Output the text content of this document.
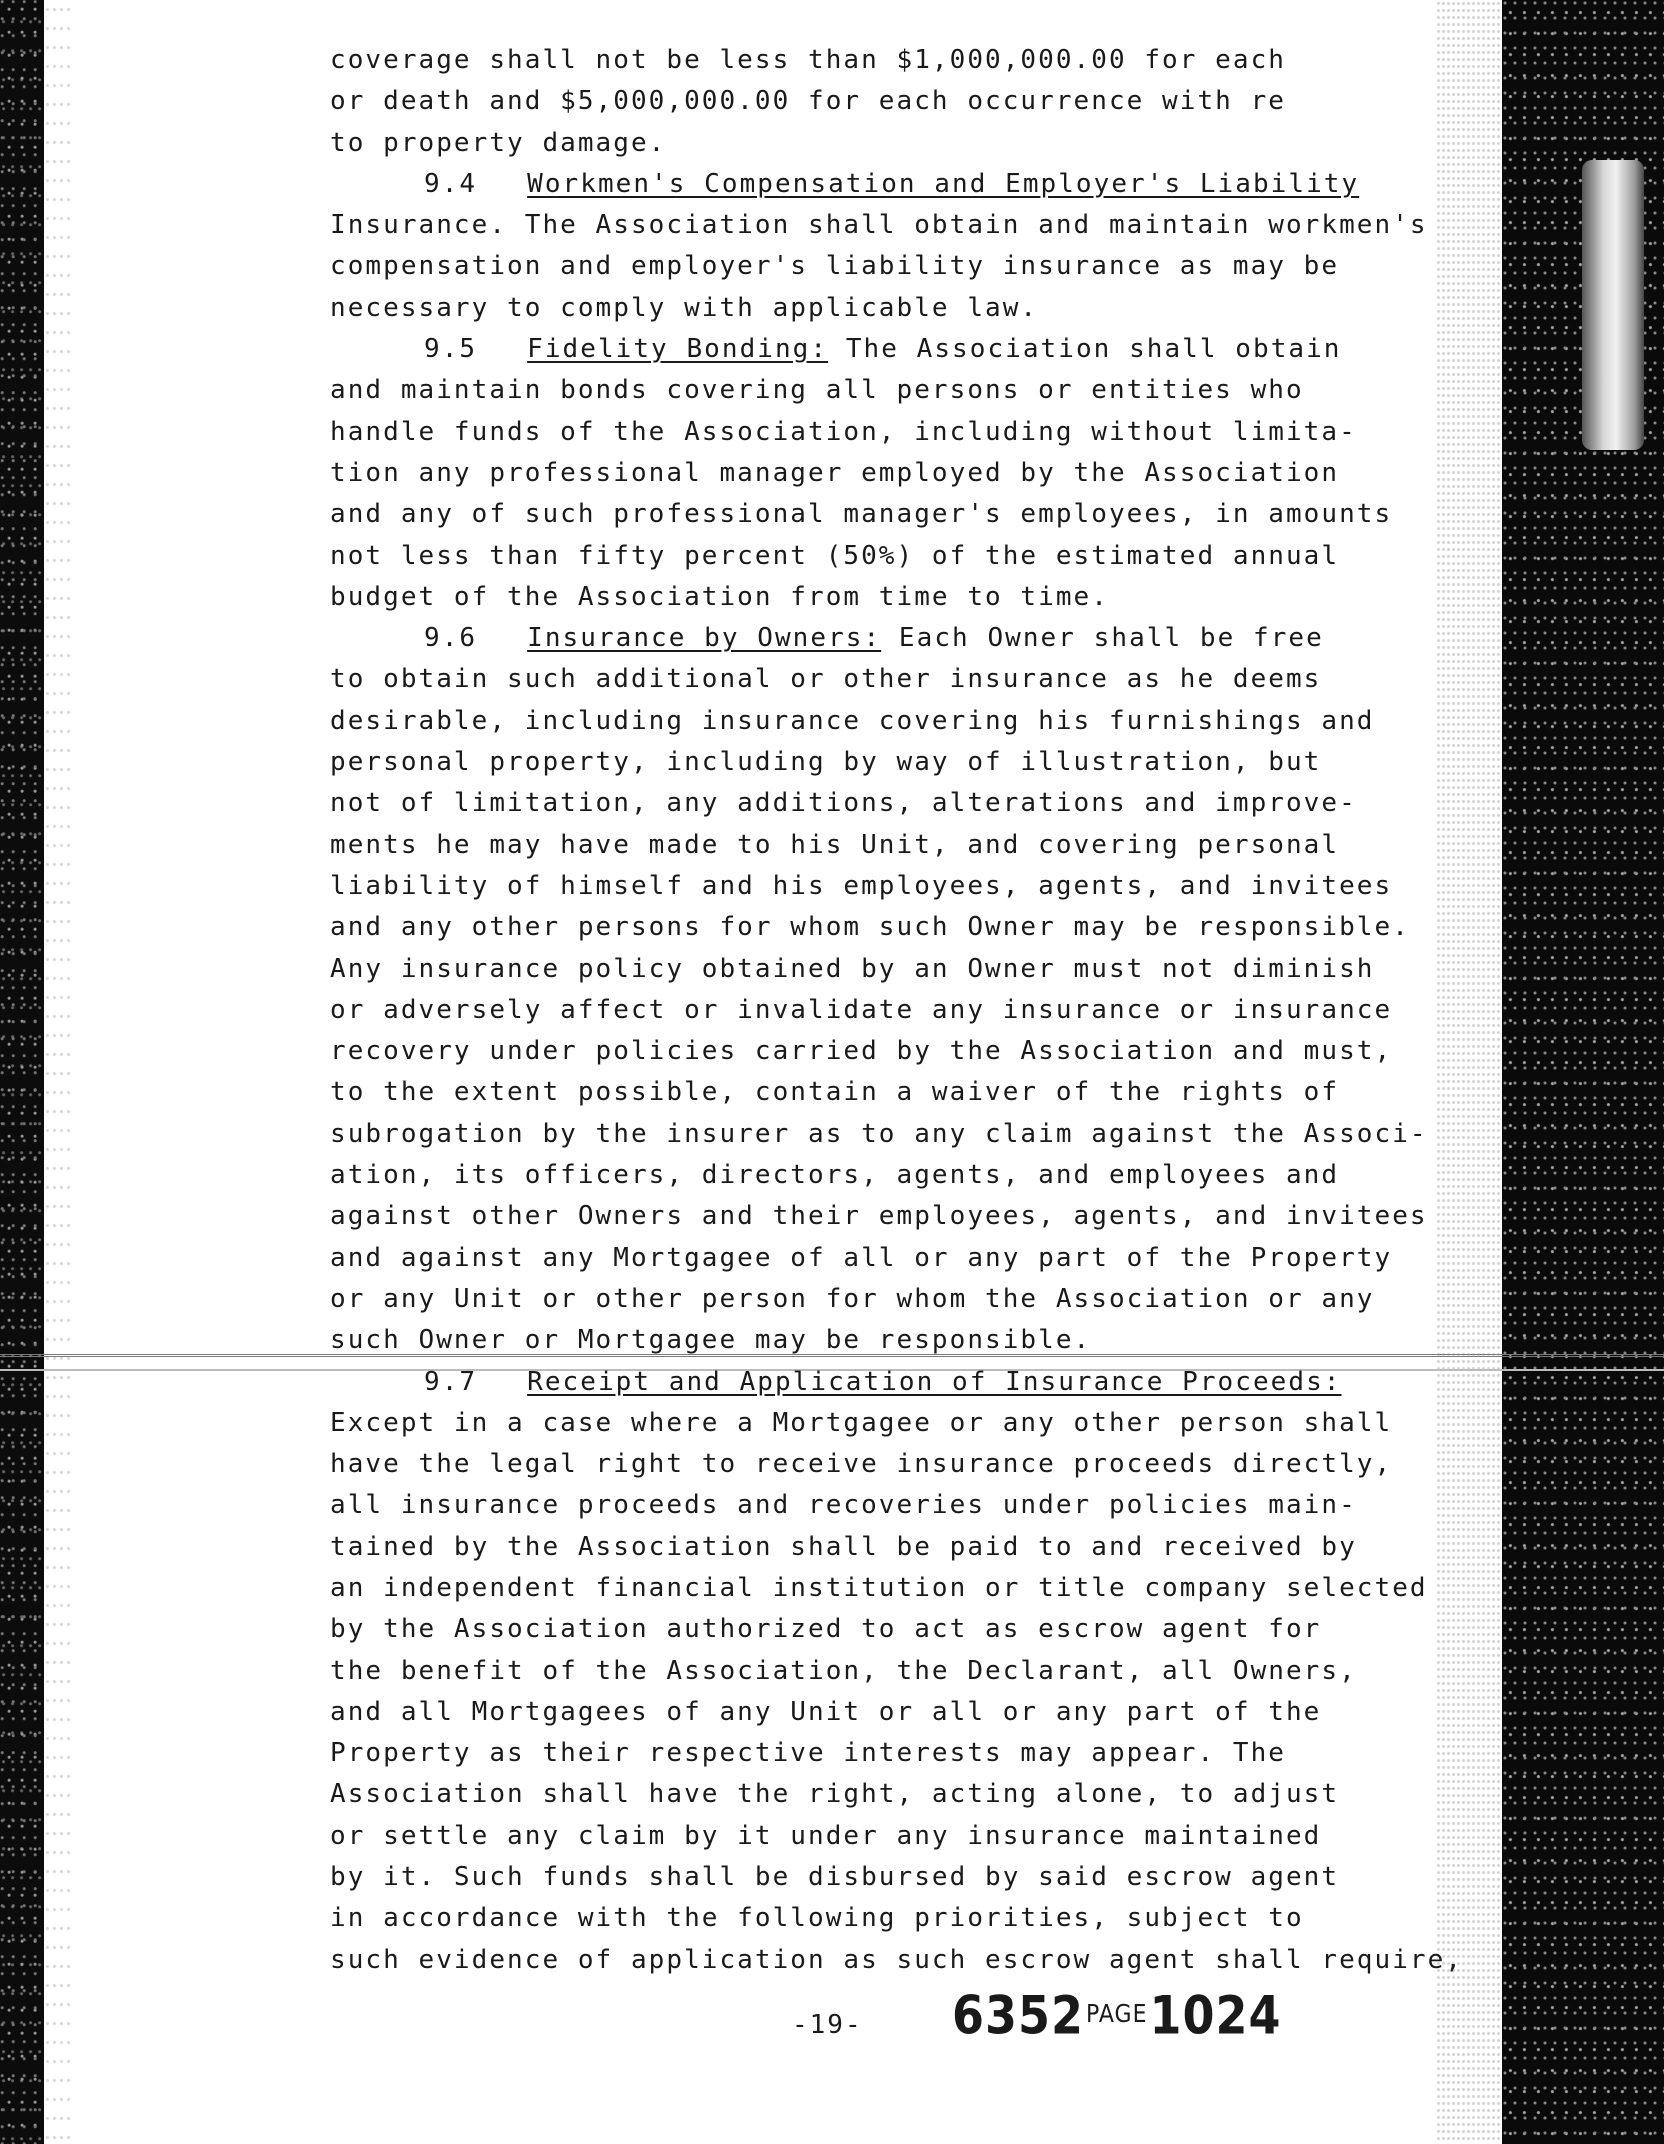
coverage shall not be less than $1,000,000.00 for each
or death and $5,000,000.00 for each occurrence with re
to property damage.
9.4 Workmen's Compensation and Employer's Liability
Insurance. The Association shall obtain and maintain workmen's
compensation and employer's liability insurance as may be
necessary to comply with applicable law.
9.5 Fidelity Bonding: The Association shall obtain
and maintain bonds covering all persons or entities who
handle funds of the Association, including without limita-
tion any professional manager employed by the Association
and any of such professional manager's employees, in amounts
not less than fifty percent (50%) of the estimated annual
budget of the Association from time to time.
9.6 Insurance by Owners: Each Owner shall be free
to obtain such additional or other insurance as he deems
desirable, including insurance covering his furnishings and
personal property, including by way of illustration, but
not of limitation, any additions, alterations and improve-
ments he may have made to his Unit, and covering personal
liability of himself and his employees, agents, and invitees
and any other persons for whom such Owner may be responsible.
Any insurance policy obtained by an Owner must not diminish
or adversely affect or invalidate any insurance or insurance
recovery under policies carried by the Association and must,
to the extent possible, contain a waiver of the rights of
subrogation by the insurer as to any claim against the Associ-
ation, its officers, directors, agents, and employees and
against other Owners and their employees, agents, and invitees
and against any Mortgagee of all or any part of the Property
or any Unit or other person for whom the Association or any
such Owner or Mortgagee may be responsible.
9.7 Receipt and Application of Insurance Proceeds:
Except in a case where a Mortgagee or any other person shall
have the legal right to receive insurance proceeds directly,
all insurance proceeds and recoveries under policies main-
tained by the Association shall be paid to and received by
an independent financial institution or title company selected
by the Association authorized to act as escrow agent for
the benefit of the Association, the Declarant, all Owners,
and all Mortgagees of any Unit or all or any part of the
Property as their respective interests may appear. The
Association shall have the right, acting alone, to adjust
or settle any claim by it under any insurance maintained
by it. Such funds shall be disbursed by said escrow agent
in accordance with the following priorities, subject to
such evidence of application as such escrow agent shall require,
-19- $6352^{PAGE}1024$
